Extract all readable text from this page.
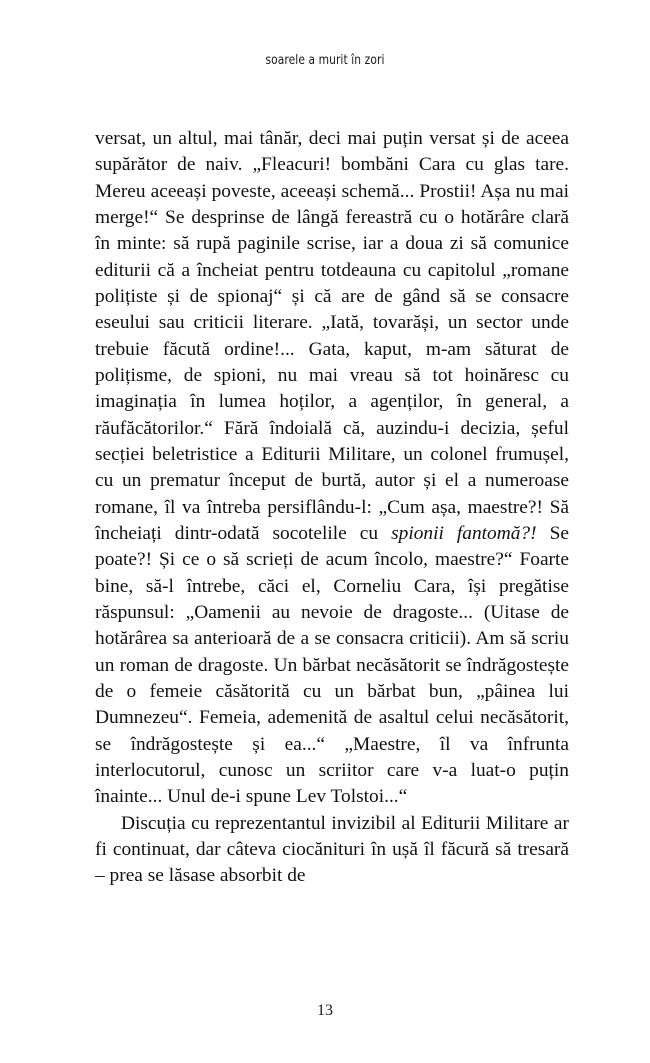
soarele a murit în zori

versat, un altul, mai tânăr, deci mai puțin versat și de aceea supărător de naiv. „Fleacuri! bombăni Cara cu glas tare. Mereu aceeași poveste, aceeași schemă... Prostii! Așa nu mai merge!“ Se desprinse de lângă fereastră cu o hotărâre clară în minte: să rupă paginile scrise, iar a doua zi să comunice editurii că a încheiat pentru totdeauna cu capitolul „romane polițiste și de spionaj“ și că are de gând să se consacre eseului sau criticii literare. „Iată, tovarăși, un sector unde trebuie făcută ordine!... Gata, kaput, m-am săturat de polițisme, de spioni, nu mai vreau să tot hoinăresc cu imaginația în lumea hoților, a agenților, în general, a răufăcătorilor.“ Fără îndoială că, auzindu-i decizia, șeful secției beletristice a Editurii Militare, un colonel frumușel, cu un prematur început de burtă, autor și el a numeroase romane, îl va întreba persiflându-l: „Cum așa, maestre?! Să încheiați dintr-odată socotelile cu spionii fantomă?! Se poate?! Și ce o să scrieți de acum încolo, maestre?“ Foarte bine, să-l întrebe, căci el, Corneliu Cara, își pregătise răspunsul: „Oamenii au nevoie de dragoste... (Uitase de hotărârea sa anterioară de a se consacra criticii). Am să scriu un roman de dragoste. Un bărbat necăsătorit se îndrăgostește de o femeie căsătorită cu un bărbat bun, „pâinea lui Dumnezeu“. Femeia, ademenită de asaltul celui necăsătorit, se îndrăgostește și ea...“ „Maestre, îl va înfrunta interlocutorul, cunosc un scriitor care v-a luat-o puțin înainte... Unul de-i spune Lev Tolstoi...“

Discuția cu reprezentantul invizibil al Editurii Militare ar fi continuat, dar câteva ciocănituri în ușă îl făcură să tresară – prea se lăsase absorbit de

13
